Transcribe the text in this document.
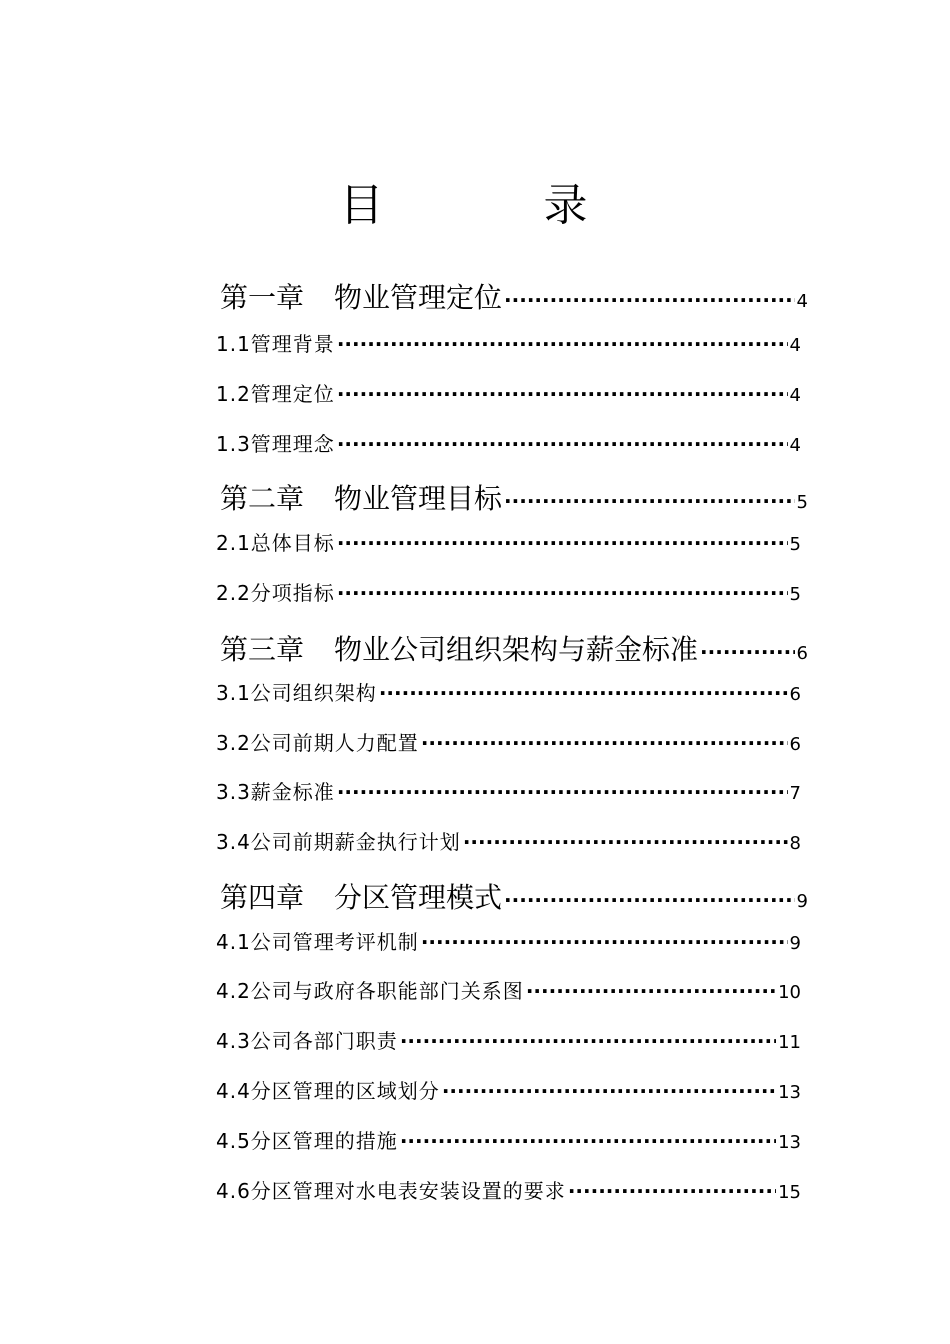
目　录
第一章 物业管理定位 ·····	4
1.1管理背景 ·····	4
1.2管理定位 ·····	4
1.3管理理念 ·····	4
第二章 物业管理目标 ·····	5
2.1总体目标 ·····	5
2.2分项指标 ·····	5
第三章 物业公司组织架构与薪金标准 ·····	6
3.1公司组织架构 ·····	6
3.2公司前期人力配置 ·····	6
3.3薪金标准 ·····	7
3.4公司前期薪金执行计划 ·····	8
第四章 分区管理模式 ·····	9
4.1公司管理考评机制 ·····	9
4.2公司与政府各职能部门关系图 ·····	10
4.3公司各部门职责 ·····	11
4.4分区管理的区域划分 ·····	13
4.5分区管理的措施 ·····	13
4.6分区管理对水电表安装设置的要求 ·····	15
